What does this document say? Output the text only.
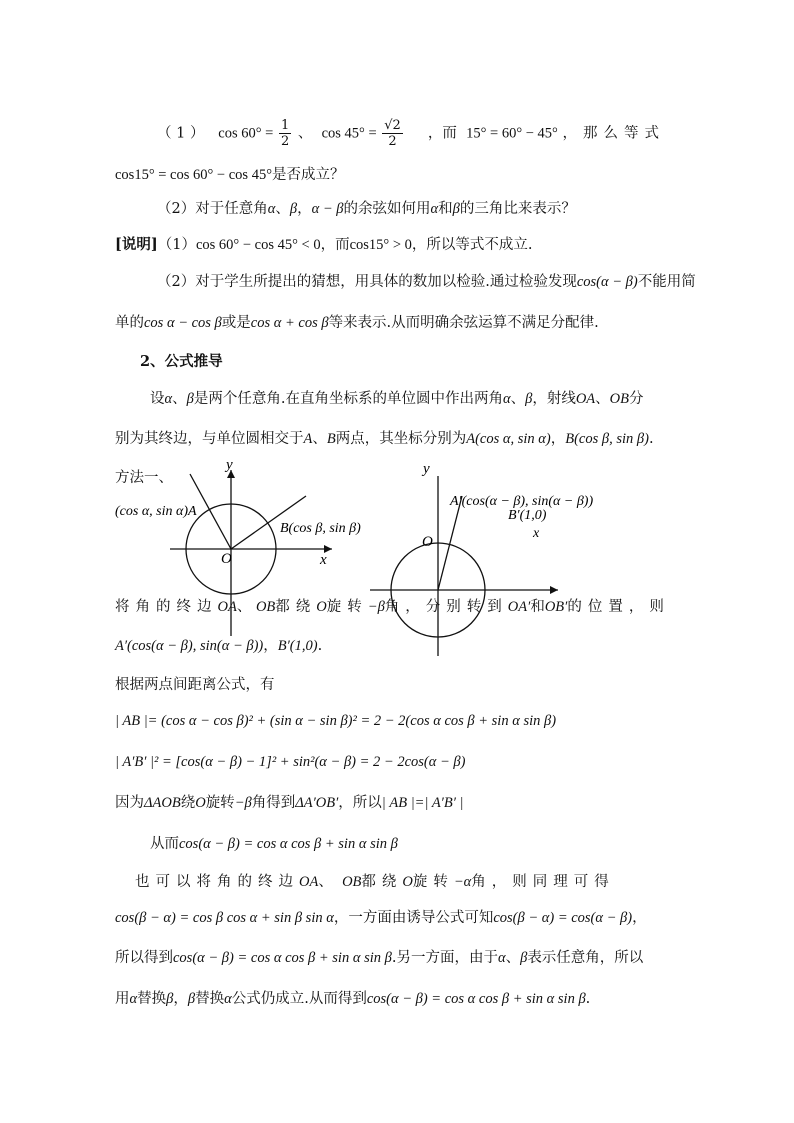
（ 1 ） $\cos 60^\circ = \frac{1}{2}$ 、 $\cos 45^\circ = \frac{√2}{2}$ ，而 15° = 60° − 45° ，那么等式
cos15° = cos 60° − cos 45°是否成立？
（2）对于任意角α、β，α − β的余弦如何用α和β的三角比来表示？
[说明]（1）cos 60° − cos 45° < 0，而cos15° > 0，所以等式不成立.
（2）对于学生所提出的猜想，用具体的数加以检验.通过检验发现cos(α − β)不能用简
单的cos α − cos β或是cos α + cos β等来表示.从而明确余弦运算不满足分配律.
2、公式推导
设α、β是两个任意角.在直角坐标系的单位圆中作出两角α、β，射线OA、OB分
别为其终边，与单位圆相交于A、B两点，其坐标分别为A(cos α, sin α)，B(cos β, sin β).
方法一、
y
x
O
(cos α, sin α)A
B(cos β, sin β)
y
x
O
A′(cos(α − β), sin(α − β))
B′(1,0)
将角的终边OA、 OB都绕O旋转−β角，分别转到OA′和OB′的位置，则
A′(cos(α − β), sin(α − β))，B′(1,0).
根据两点间距离公式，有
| AB |= (cos α − cos β)² + (sin α − sin β)² = 2 − 2(cos α cos β + sin α sin β)
| A′B′ |² = [cos(α − β) − 1]² + sin²(α − β) = 2 − 2cos(α − β)
因为ΔAOB绕O旋转−β角得到ΔA′OB′，所以| AB |=| A′B′ |
从而cos(α − β) = cos α cos β + sin α sin β
也可以将角的终边OA、 OB都绕O旋转−α角，则同理可得
cos(β − α) = cos β cos α + sin β sin α，一方面由诱导公式可知cos(β − α) = cos(α − β)，
所以得到cos(α − β) = cos α cos β + sin α sin β.另一方面，由于α、β表示任意角，所以
用α替换β，β替换α公式仍成立.从而得到cos(α − β) = cos α cos β + sin α sin β.
